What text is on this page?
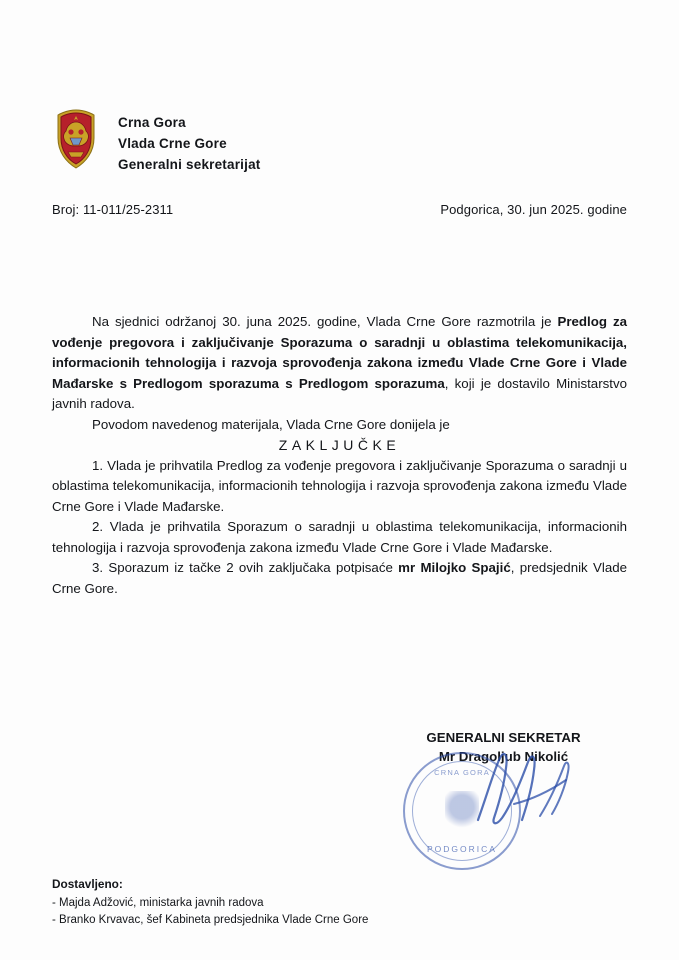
Crna Gora
Vlada Crne Gore
Generalni sekretarijat
Broj: 11-011/25-2311	Podgorica, 30. jun 2025. godine

Na sjednici održanoj 30. juna 2025. godine, Vlada Crne Gore razmotrila je Predlog za vođenje pregovora i zaključivanje Sporazuma o saradnji u oblastima telekomunikacija, informacionih tehnologija i razvoja sprovođenja zakona između Vlade Crne Gore i Vlade Mađarske s Predlogom sporazuma s Predlogom sporazuma, koji je dostavilo Ministarstvo javnih radova.

Povodom navedenog materijala, Vlada Crne Gore donijela je

ZAKLJUČKE

1. Vlada je prihvatila Predlog za vođenje pregovora i zaključivanje Sporazuma o saradnji u oblastima telekomunikacija, informacionih tehnologija i razvoja sprovođenja zakona između Vlade Crne Gore i Vlade Mađarske.

2. Vlada je prihvatila Sporazum o saradnji u oblastima telekomunikacija, informacionih tehnologija i razvoja sprovođenja zakona između Vlade Crne Gore i Vlade Mađarske.

3. Sporazum iz tačke 2 ovih zaključaka potpisaće mr Milojko Spajić, predsjednik Vlade Crne Gore.

GENERALNI SEKRETAR
Mr Dragoljub Nikolić
CRNA GORA
PODGORICA
Dostavljeno:
- Majda Adžović, ministarka javnih radova
- Branko Krvavac, šef Kabineta predsjednika Vlade Crne Gore
